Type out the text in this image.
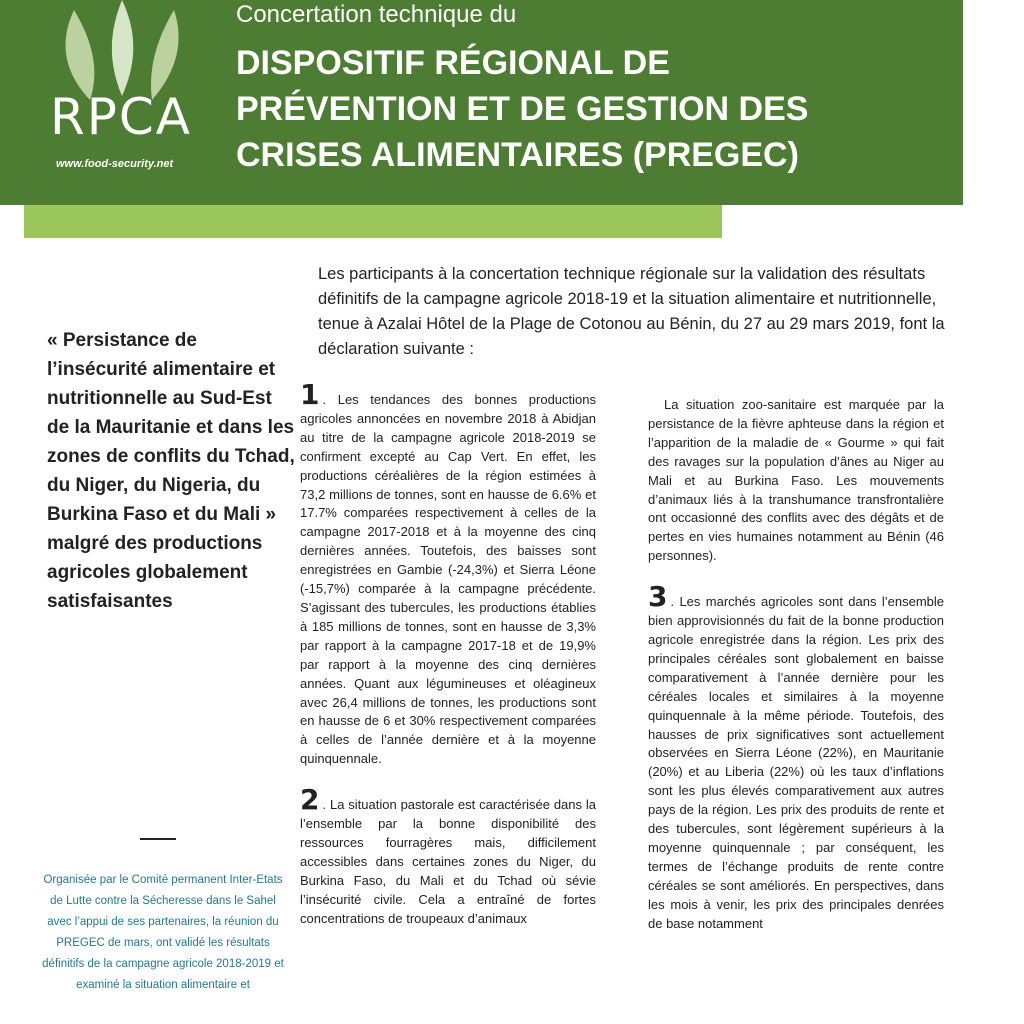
RPCA
www.food-security.net
Concertation technique du
DISPOSITIF RÉGIONAL DE
PRÉVENTION ET DE GESTION DES
CRISES ALIMENTAIRES (PREGEC)
Les participants à la concertation technique régionale sur la validation des résultats définitifs de la campagne agricole 2018-19 et la situation alimentaire et nutritionnelle, tenue à Azalai Hôtel de la Plage de Cotonou au Bénin, du 27 au 29 mars 2019, font la déclaration suivante :
« Persistance de l’insécurité alimentaire et nutritionnelle au Sud-Est de la Mauritanie et dans les zones de conflits du Tchad, du Niger, du Nigeria, du Burkina Faso et du Mali » malgré des productions agricoles globalement satisfaisantes
Organisée par le Comité permanent Inter-Etats de Lutte contre la Sécheresse dans le Sahel avec l’appui de ses partenaires, la réunion du PREGEC de mars, ont validé les résultats définitifs de la campagne agricole 2018-2019 et examiné la situation alimentaire et

1 . Les tendances des bonnes productions agricoles annoncées en novembre 2018 à Abidjan au titre de la campagne agricole 2018-2019 se confirment excepté au Cap Vert. En effet, les productions céréalières de la région estimées à 73,2 millions de tonnes, sont en hausse de 6.6% et 17.7% comparées respectivement à celles de la campagne 2017-2018 et à la moyenne des cinq dernières années. Toutefois, des baisses sont enregistrées en Gambie (-24,3%) et Sierra Léone (-15,7%) comparée à la campagne précédente. S’agissant des tubercules, les productions établies à 185 millions de tonnes, sont en hausse de 3,3% par rapport à la campagne 2017-18 et de 19,9% par rapport à la moyenne des cinq dernières années. Quant aux légumineuses et oléagineux avec 26,4 millions de tonnes, les productions sont en hausse de 6 et 30% respectivement comparées à celles de l’année dernière et à la moyenne quinquennale.

2 . La situation pastorale est caractérisée dans la l’ensemble par la bonne disponibilité des ressources fourragères mais, difficilement accessibles dans certaines zones du Niger, du Burkina Faso, du Mali et du Tchad où sévie l’insécurité civile. Cela a entraîné de fortes concentrations de troupeaux d’animaux

La situation zoo-sanitaire est marquée par la persistance de la fièvre aphteuse dans la région et l’apparition de la maladie de « Gourme » qui fait des ravages sur la population d’ânes au Niger au Mali et au Burkina Faso. Les mouvements d’animaux liés à la transhumance transfrontalière ont occasionné des conflits avec des dégâts et de pertes en vies humaines notamment au Bénin (46 personnes).

3 . Les marchés agricoles sont dans l’ensemble bien approvisionnés du fait de la bonne production agricole enregistrée dans la région. Les prix des principales céréales sont globalement en baisse comparativement à l’année dernière pour les céréales locales et similaires à la moyenne quinquennale à la même période. Toutefois, des hausses de prix significatives sont actuellement observées en Sierra Léone (22%), en Mauritanie (20%) et au Liberia (22%) où les taux d’inflations sont les plus élevés comparativement aux autres pays de la région. Les prix des produits de rente et des tubercules, sont légèrement supérieurs à la moyenne quinquennale ; par conséquent, les termes de l’échange produits de rente contre céréales se sont améliorés. En perspectives, dans les mois à venir, les prix des principales denrées de base notamment
